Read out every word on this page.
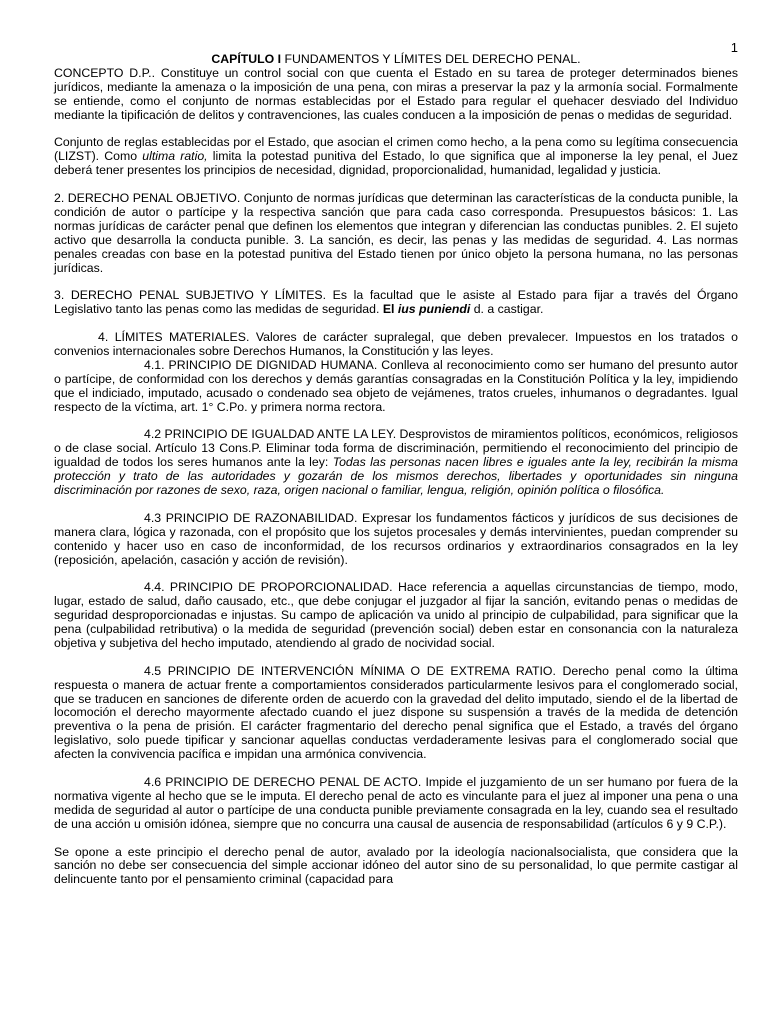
1

CAPÍTULO I FUNDAMENTOS Y LÍMITES DEL DERECHO PENAL.

CONCEPTO D.P.. Constituye un control social con que cuenta el Estado en su tarea de proteger determinados bienes jurídicos, mediante la amenaza o la imposición de una pena, con miras a preservar la paz y la armonía social. Formalmente se entiende, como el conjunto de normas establecidas por el Estado para regular el quehacer desviado del Individuo mediante la tipificación de delitos y contravenciones, las cuales conducen a la imposición de penas o medidas de seguridad.

Conjunto de reglas establecidas por el Estado, que asocian el crimen como hecho, a la pena como su legítima consecuencia (LIZST). Como ultima ratio, limita la potestad punitiva del Estado, lo que significa que al imponerse la ley penal, el Juez deberá tener presentes los principios de necesidad, dignidad, proporcionalidad, humanidad, legalidad y justicia.

2. DERECHO PENAL OBJETIVO. Conjunto de normas jurídicas que determinan las características de la conducta punible, la condición de autor o partícipe y la respectiva sanción que para cada caso corresponda. Presupuestos básicos: 1. Las normas jurídicas de carácter penal que definen los elementos que integran y diferencian las conductas punibles. 2. El sujeto activo que desarrolla la conducta punible. 3. La sanción, es decir, las penas y las medidas de seguridad. 4. Las normas penales creadas con base en la potestad punitiva del Estado tienen por único objeto la persona humana, no las personas jurídicas.

3. DERECHO PENAL SUBJETIVO Y LÍMITES. Es la facultad que le asiste al Estado para fijar a través del Órgano Legislativo tanto las penas como las medidas de seguridad. El ius puniendi d. a castigar.

4. LÍMITES MATERIALES. Valores de carácter supralegal, que deben prevalecer. Impuestos en los tratados o convenios internacionales sobre Derechos Humanos, la Constitución y las leyes.

4.1. PRINCIPIO DE DIGNIDAD HUMANA. Conlleva al reconocimiento como ser humano del presunto autor o partícipe, de conformidad con los derechos y demás garantías consagradas en la Constitución Política y la ley, impidiendo que el indiciado, imputado, acusado o condenado sea objeto de vejámenes, tratos crueles, inhumanos o degradantes. Igual respecto de la víctima, art. 1° C.Po. y primera norma rectora.

4.2 PRINCIPIO DE IGUALDAD ANTE LA LEY. Desprovistos de miramientos políticos, económicos, religiosos o de clase social. Artículo 13 Cons.P. Eliminar toda forma de discriminación, permitiendo el reconocimiento del principio de igualdad de todos los seres humanos ante la ley: Todas las personas nacen libres e iguales ante la ley, recibirán la misma protección y trato de las autoridades y gozarán de los mismos derechos, libertades y oportunidades sin ninguna discriminación por razones de sexo, raza, origen nacional o familiar, lengua, religión, opinión política o filosófica.

4.3 PRINCIPIO DE RAZONABILIDAD. Expresar los fundamentos fácticos y jurídicos de sus decisiones de manera clara, lógica y razonada, con el propósito que los sujetos procesales y demás intervinientes, puedan comprender su contenido y hacer uso en caso de inconformidad, de los recursos ordinarios y extraordinarios consagrados en la ley (reposición, apelación, casación y acción de revisión).

4.4. PRINCIPIO DE PROPORCIONALIDAD. Hace referencia a aquellas circunstancias de tiempo, modo, lugar, estado de salud, daño causado, etc., que debe conjugar el juzgador al fijar la sanción, evitando penas o medidas de seguridad desproporcionadas e injustas. Su campo de aplicación va unido al principio de culpabilidad, para significar que la pena (culpabilidad retributiva) o la medida de seguridad (prevención social) deben estar en consonancia con la naturaleza objetiva y subjetiva del hecho imputado, atendiendo al grado de nocividad social.

4.5 PRINCIPIO DE INTERVENCIÓN MÍNIMA O DE EXTREMA RATIO. Derecho penal como la última respuesta o manera de actuar frente a comportamientos considerados particularmente lesivos para el conglomerado social, que se traducen en sanciones de diferente orden de acuerdo con la gravedad del delito imputado, siendo el de la libertad de locomoción el derecho mayormente afectado cuando el juez dispone su suspensión a través de la medida de detención preventiva o la pena de prisión. El carácter fragmentario del derecho penal significa que el Estado, a través del órgano legislativo, solo puede tipificar y sancionar aquellas conductas verdaderamente lesivas para el conglomerado social que afecten la convivencia pacífica e impidan una armónica convivencia.

4.6 PRINCIPIO DE DERECHO PENAL DE ACTO. Impide el juzgamiento de un ser humano por fuera de la normativa vigente al hecho que se le imputa. El derecho penal de acto es vinculante para el juez al imponer una pena o una medida de seguridad al autor o partícipe de una conducta punible previamente consagrada en la ley, cuando sea el resultado de una acción u omisión idónea, siempre que no concurra una causal de ausencia de responsabilidad (artículos 6 y 9 C.P.).

Se opone a este principio el derecho penal de autor, avalado por la ideología nacionalsocialista, que considera que la sanción no debe ser consecuencia del simple accionar idóneo del autor sino de su personalidad, lo que permite castigar al delincuente tanto por el pensamiento criminal (capacidad para
